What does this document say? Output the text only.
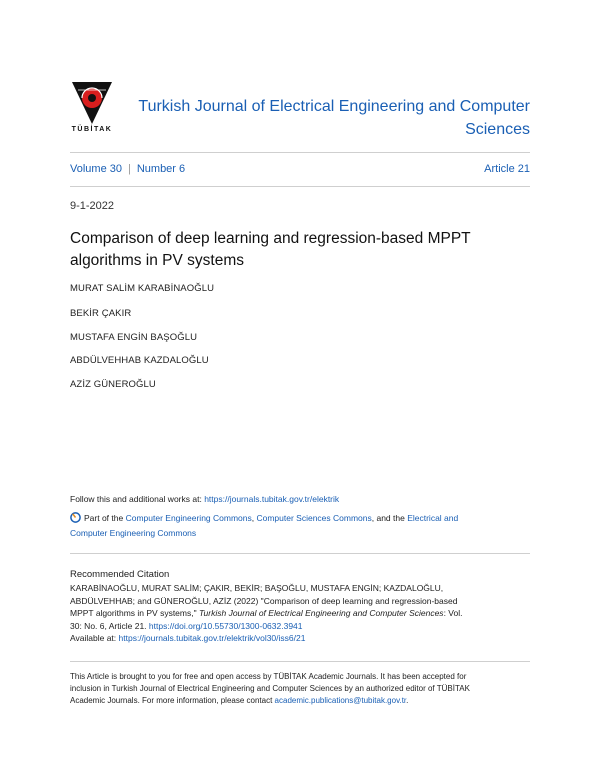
TÜBİTAK
Turkish Journal of Electrical Engineering and Computer
Sciences
Volume 30 | Number 6	Article 21
9-1-2022
Comparison of deep learning and regression-based MPPT
algorithms in PV systems
MURAT SALİM KARABİNAOĞLU
BEKİR ÇAKIR
MUSTAFA ENGİN BAŞOĞLU
ABDÜLVEHHAB KAZDALOĞLU
AZİZ GÜNEROĞLU
Follow this and additional works at: https://journals.tubitak.gov.tr/elektrik
Part of the Computer Engineering Commons, Computer Sciences Commons, and the Electrical and
Computer Engineering Commons
Recommended Citation
KARABİNAOĞLU, MURAT SALİM; ÇAKIR, BEKİR; BAŞOĞLU, MUSTAFA ENGİN; KAZDALOĞLU,
ABDÜLVEHHAB; and GÜNEROĞLU, AZİZ (2022) "Comparison of deep learning and regression-based
MPPT algorithms in PV systems," Turkish Journal of Electrical Engineering and Computer Sciences: Vol.
30: No. 6, Article 21. https://doi.org/10.55730/1300-0632.3941
Available at: https://journals.tubitak.gov.tr/elektrik/vol30/iss6/21
This Article is brought to you for free and open access by TÜBİTAK Academic Journals. It has been accepted for
inclusion in Turkish Journal of Electrical Engineering and Computer Sciences by an authorized editor of TÜBİTAK
Academic Journals. For more information, please contact academic.publications@tubitak.gov.tr.
